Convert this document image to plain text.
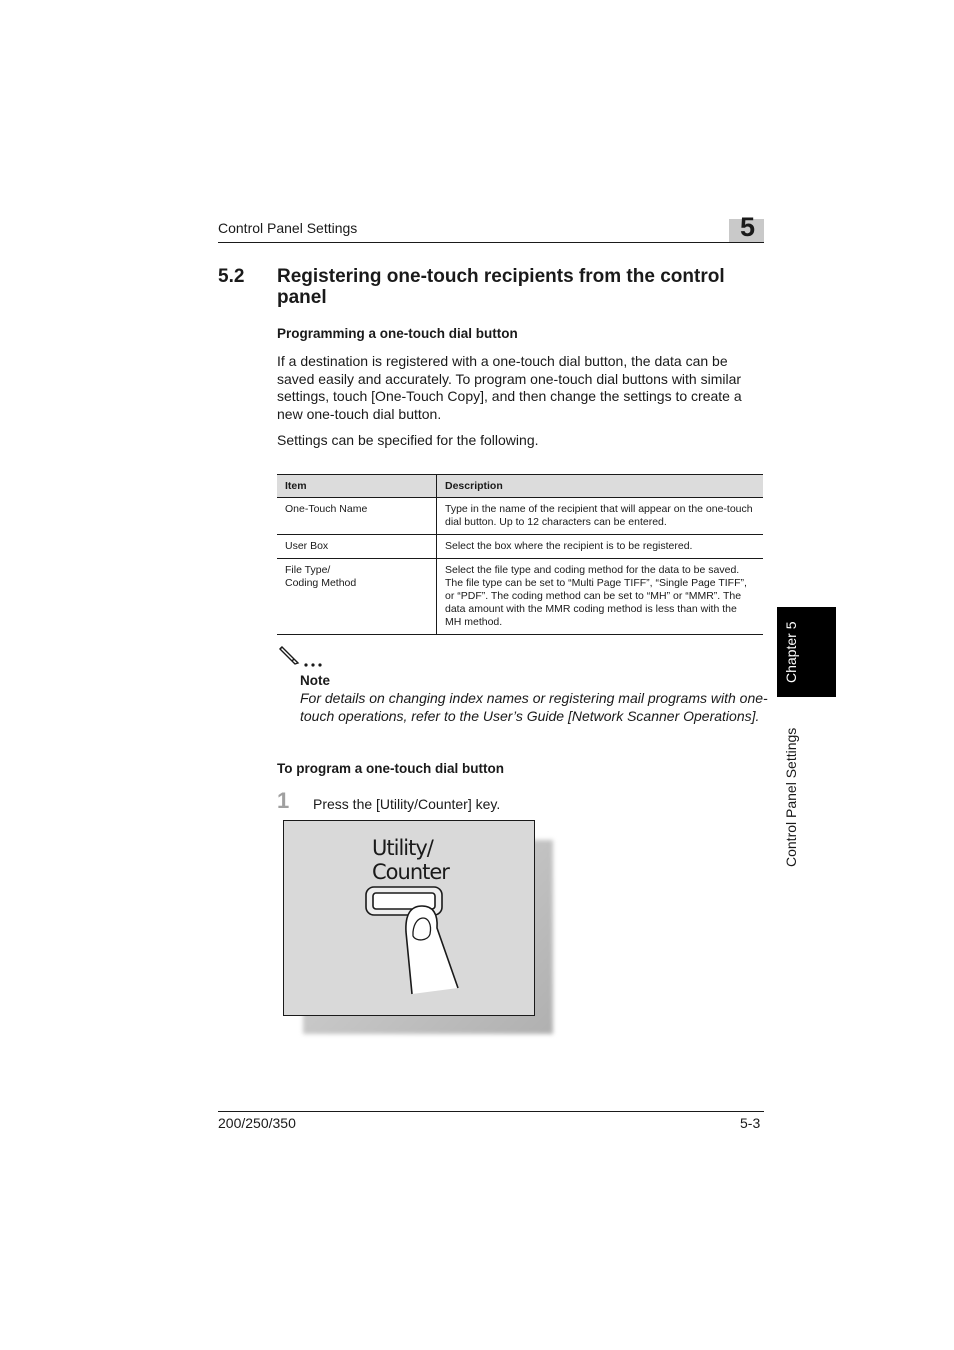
Control Panel Settings	5
5.2 Registering one-touch recipients from the control panel
Programming a one-touch dial button
If a destination is registered with a one-touch dial button, the data can be saved easily and accurately. To program one-touch dial buttons with similar settings, touch [One-Touch Copy], and then change the settings to create a new one-touch dial button.
Settings can be specified for the following.
Item	Description
One-Touch Name	Type in the name of the recipient that will appear on the one-touch dial button. Up to 12 characters can be entered.
User Box	Select the box where the recipient is to be registered.

File Type/
Coding Method	Select the file type and coding method for the data to be saved. The file type can be set to “Multi Page TIFF”, “Single Page TIFF”, or “PDF”. The coding method can be set to “MH” or “MMR”. The data amount with the MMR coding method is less than with the MH method.
Note
For details on changing index names or registering mail programs with one-touch operations, refer to the User’s Guide [Network Scanner Operations].
To program a one-touch dial button
1 Press the [Utility/Counter] key.
Utility/
Counter
Chapter 5
Control Panel Settings
200/250/350	5-3
